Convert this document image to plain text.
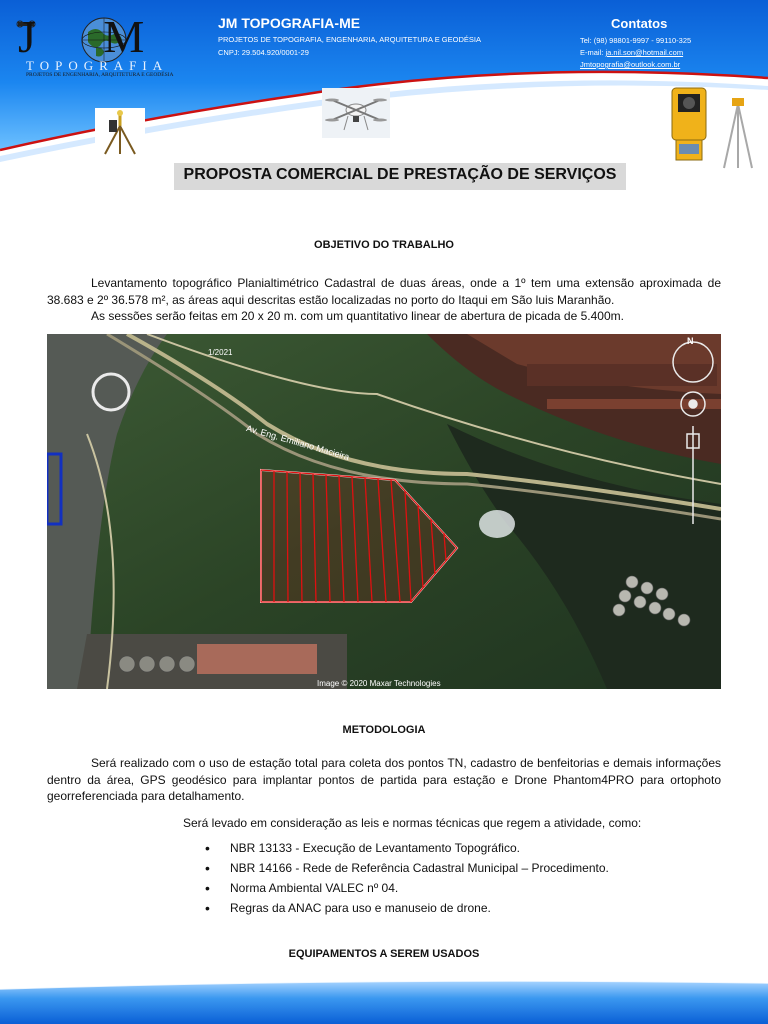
J M
TOPOGRAFIA
PROJETOS DE ENGENHARIA, ARQUITETURA E GEODÉSIA
JM TOPOGRAFIA-ME
PROJETOS DE TOPOGRAFIA, ENGENHARIA, ARQUITETURA E GEODÉSIA
CNPJ: 29.504.920/0001-29
Contatos
Tel: (98) 98801-9997 - 99110-325
E-mail: ja.nil.son@hotmail.com
Jmtopografia@outlook.com.br
PROPOSTA COMERCIAL DE PRESTAÇÃO DE SERVIÇOS
OBJETIVO DO TRABALHO
Levantamento topográfico Planialtimétrico Cadastral de duas áreas, onde a 1º tem uma extensão aproximada de 38.683 e 2º 36.578 m², as áreas aqui descritas estão localizadas no porto do Itaqui em São luis Maranhão.
As sessões serão feitas em 20 x 20 m. com um quantitativo linear de abertura de picada de 5.400m.
N
1/2021
Av. Eng. Emiliano Macieira
Image © 2020 Maxar Technologies
METODOLOGIA
Será realizado com o uso de estação total para coleta dos pontos TN, cadastro de benfeitorias e demais informações dentro da área, GPS geodésico para implantar pontos de partida para estação e Drone Phantom4PRO para ortophoto georreferenciada para detalhamento.
Será levado em consideração as leis e normas técnicas que regem a atividade, como:
• NBR 13133 - Execução de Levantamento Topográfico.
• NBR 14166 - Rede de Referência Cadastral Municipal – Procedimento.
• Norma Ambiental VALEC nº 04.
• Regras da ANAC para uso e manuseio de drone.
EQUIPAMENTOS A SEREM USADOS
